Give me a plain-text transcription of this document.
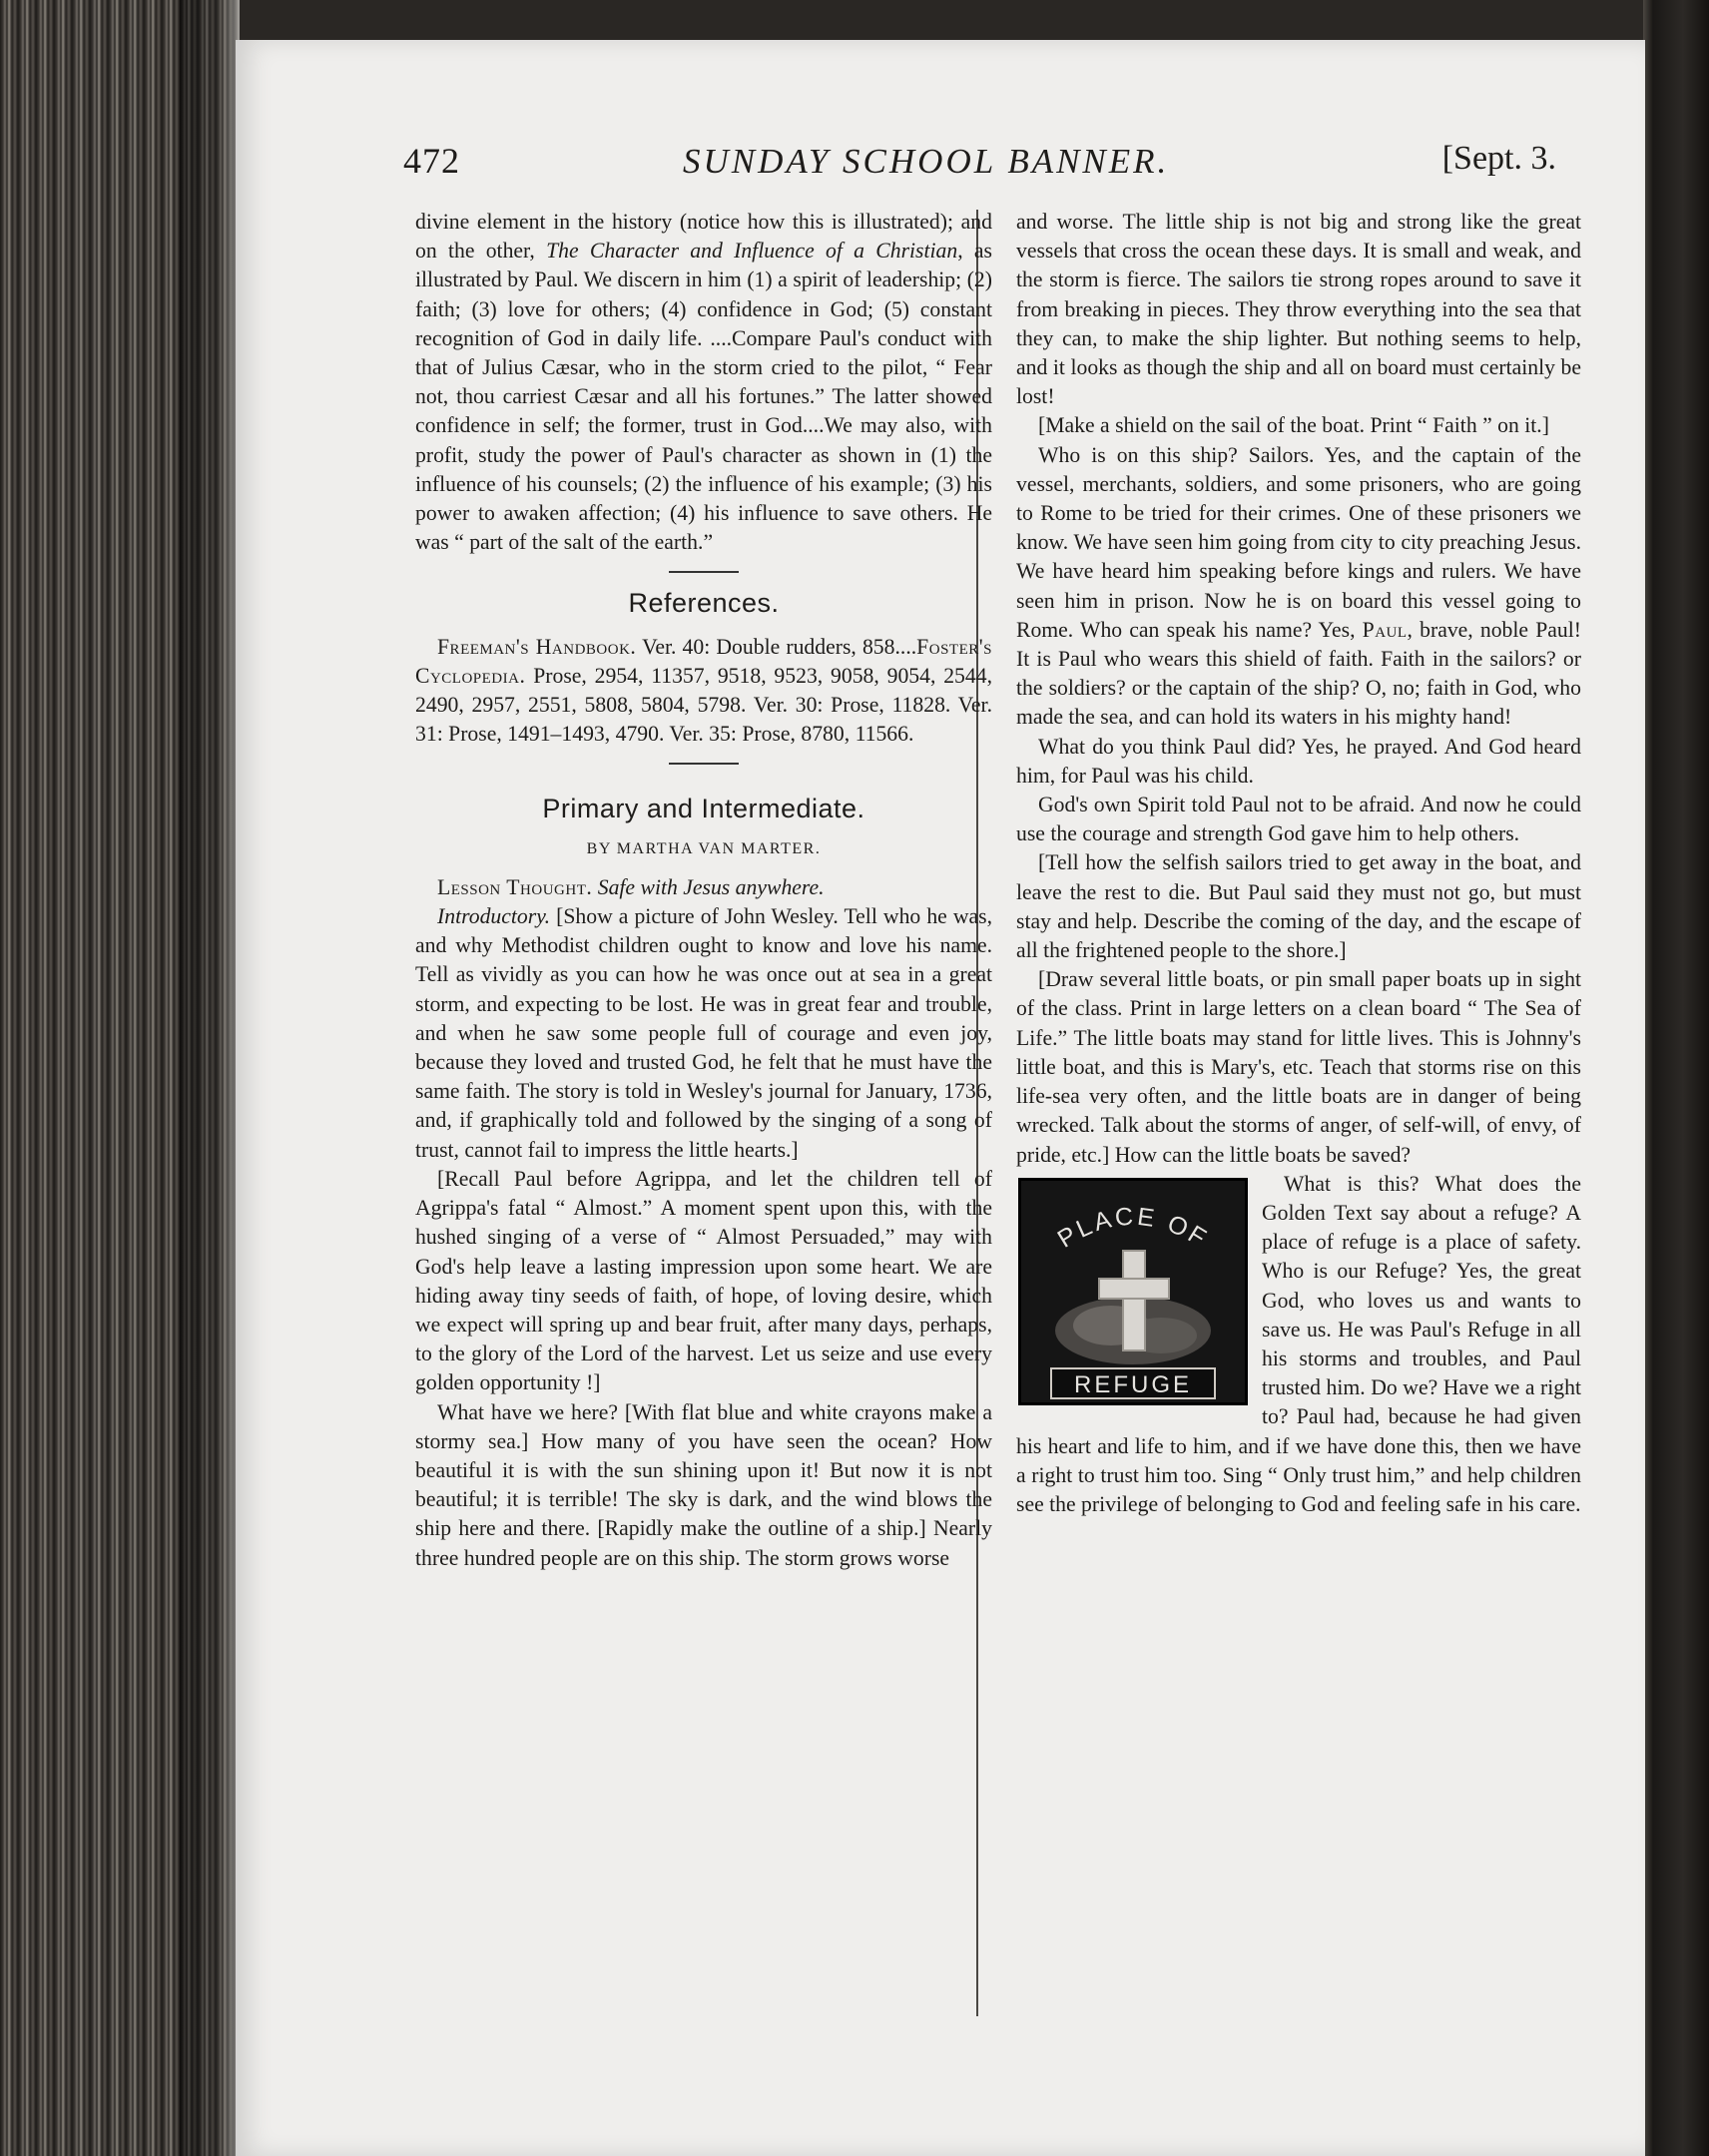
472	SUNDAY SCHOOL BANNER.	[Sept. 3.

divine element in the history (notice how this is illustrated); and on the other, The Character and Influence of a Christian, as illustrated by Paul. We discern in him (1) a spirit of leadership; (2) faith; (3) love for others; (4) confidence in God; (5) constant recognition of God in daily life. ....Compare Paul's conduct with that of Julius Cæsar, who in the storm cried to the pilot, “ Fear not, thou carriest Cæsar and all his fortunes.” The latter showed confidence in self; the former, trust in God....We may also, with profit, study the power of Paul's character as shown in (1) the influence of his counsels; (2) the influence of his example; (3) his power to awaken affection; (4) his influence to save others. He was “ part of the salt of the earth.”

References.

Freeman's Handbook. Ver. 40: Double rudders, 858....Foster's Cyclopedia. Prose, 2954, 11357, 9518, 9523, 9058, 9054, 2544, 2490, 2957, 2551, 5808, 5804, 5798. Ver. 30: Prose, 11828. Ver. 31: Prose, 1491–1493, 4790. Ver. 35: Prose, 8780, 11566.

Primary and Intermediate.
BY MARTHA VAN MARTER.

Lesson Thought. Safe with Jesus anywhere.

Introductory. [Show a picture of John Wesley. Tell who he was, and why Methodist children ought to know and love his name. Tell as vividly as you can how he was once out at sea in a great storm, and expecting to be lost. He was in great fear and trouble, and when he saw some people full of courage and even joy, because they loved and trusted God, he felt that he must have the same faith. The story is told in Wesley's journal for January, 1736, and, if graphically told and followed by the singing of a song of trust, cannot fail to impress the little hearts.]

[Recall Paul before Agrippa, and let the children tell of Agrippa's fatal “ Almost.” A moment spent upon this, with the hushed singing of a verse of “ Almost Persuaded,” may with God's help leave a lasting impression upon some heart. We are hiding away tiny seeds of faith, of hope, of loving desire, which we expect will spring up and bear fruit, after many days, perhaps, to the glory of the Lord of the harvest. Let us seize and use every golden opportunity !]

What have we here? [With flat blue and white crayons make a stormy sea.] How many of you have seen the ocean? How beautiful it is with the sun shining upon it! But now it is not beautiful; it is terrible! The sky is dark, and the wind blows the ship here and there. [Rapidly make the outline of a ship.] Nearly three hundred people are on this ship. The storm grows worse

and worse. The little ship is not big and strong like the great vessels that cross the ocean these days. It is small and weak, and the storm is fierce. The sailors tie strong ropes around to save it from breaking in pieces. They throw everything into the sea that they can, to make the ship lighter. But nothing seems to help, and it looks as though the ship and all on board must certainly be lost!

[Make a shield on the sail of the boat. Print “ Faith ” on it.]

Who is on this ship? Sailors. Yes, and the captain of the vessel, merchants, soldiers, and some prisoners, who are going to Rome to be tried for their crimes. One of these prisoners we know. We have seen him going from city to city preaching Jesus. We have heard him speaking before kings and rulers. We have seen him in prison. Now he is on board this vessel going to Rome. Who can speak his name? Yes, Paul, brave, noble Paul! It is Paul who wears this shield of faith. Faith in the sailors? or the soldiers? or the captain of the ship? O, no; faith in God, who made the sea, and can hold its waters in his mighty hand!

What do you think Paul did? Yes, he prayed. And God heard him, for Paul was his child.

God's own Spirit told Paul not to be afraid. And now he could use the courage and strength God gave him to help others.

[Tell how the selfish sailors tried to get away in the boat, and leave the rest to die. But Paul said they must not go, but must stay and help. Describe the coming of the day, and the escape of all the frightened people to the shore.]

[Draw several little boats, or pin small paper boats up in sight of the class. Print in large letters on a clean board “ The Sea of Life.” The little boats may stand for little lives. This is Johnny's little boat, and this is Mary's, etc. Teach that storms rise on this life-sea very often, and the little boats are in danger of being wrecked. Talk about the storms of anger, of self-will, of envy, of pride, etc.] How can the little boats be saved?

PLACE OF
REFUGE

What is this? What does the Golden Text say about a refuge? A place of refuge is a place of safety. Who is our Refuge? Yes, the great God, who loves us and wants to save us. He was Paul's Refuge in all his storms and troubles, and Paul trusted him. Do we? Have we a right to? Paul had, because he had given his heart and life to him, and if we have done this, then we have a right to trust him too. Sing “ Only trust him,” and help children see the privilege of belonging to God and feeling safe in his care.
